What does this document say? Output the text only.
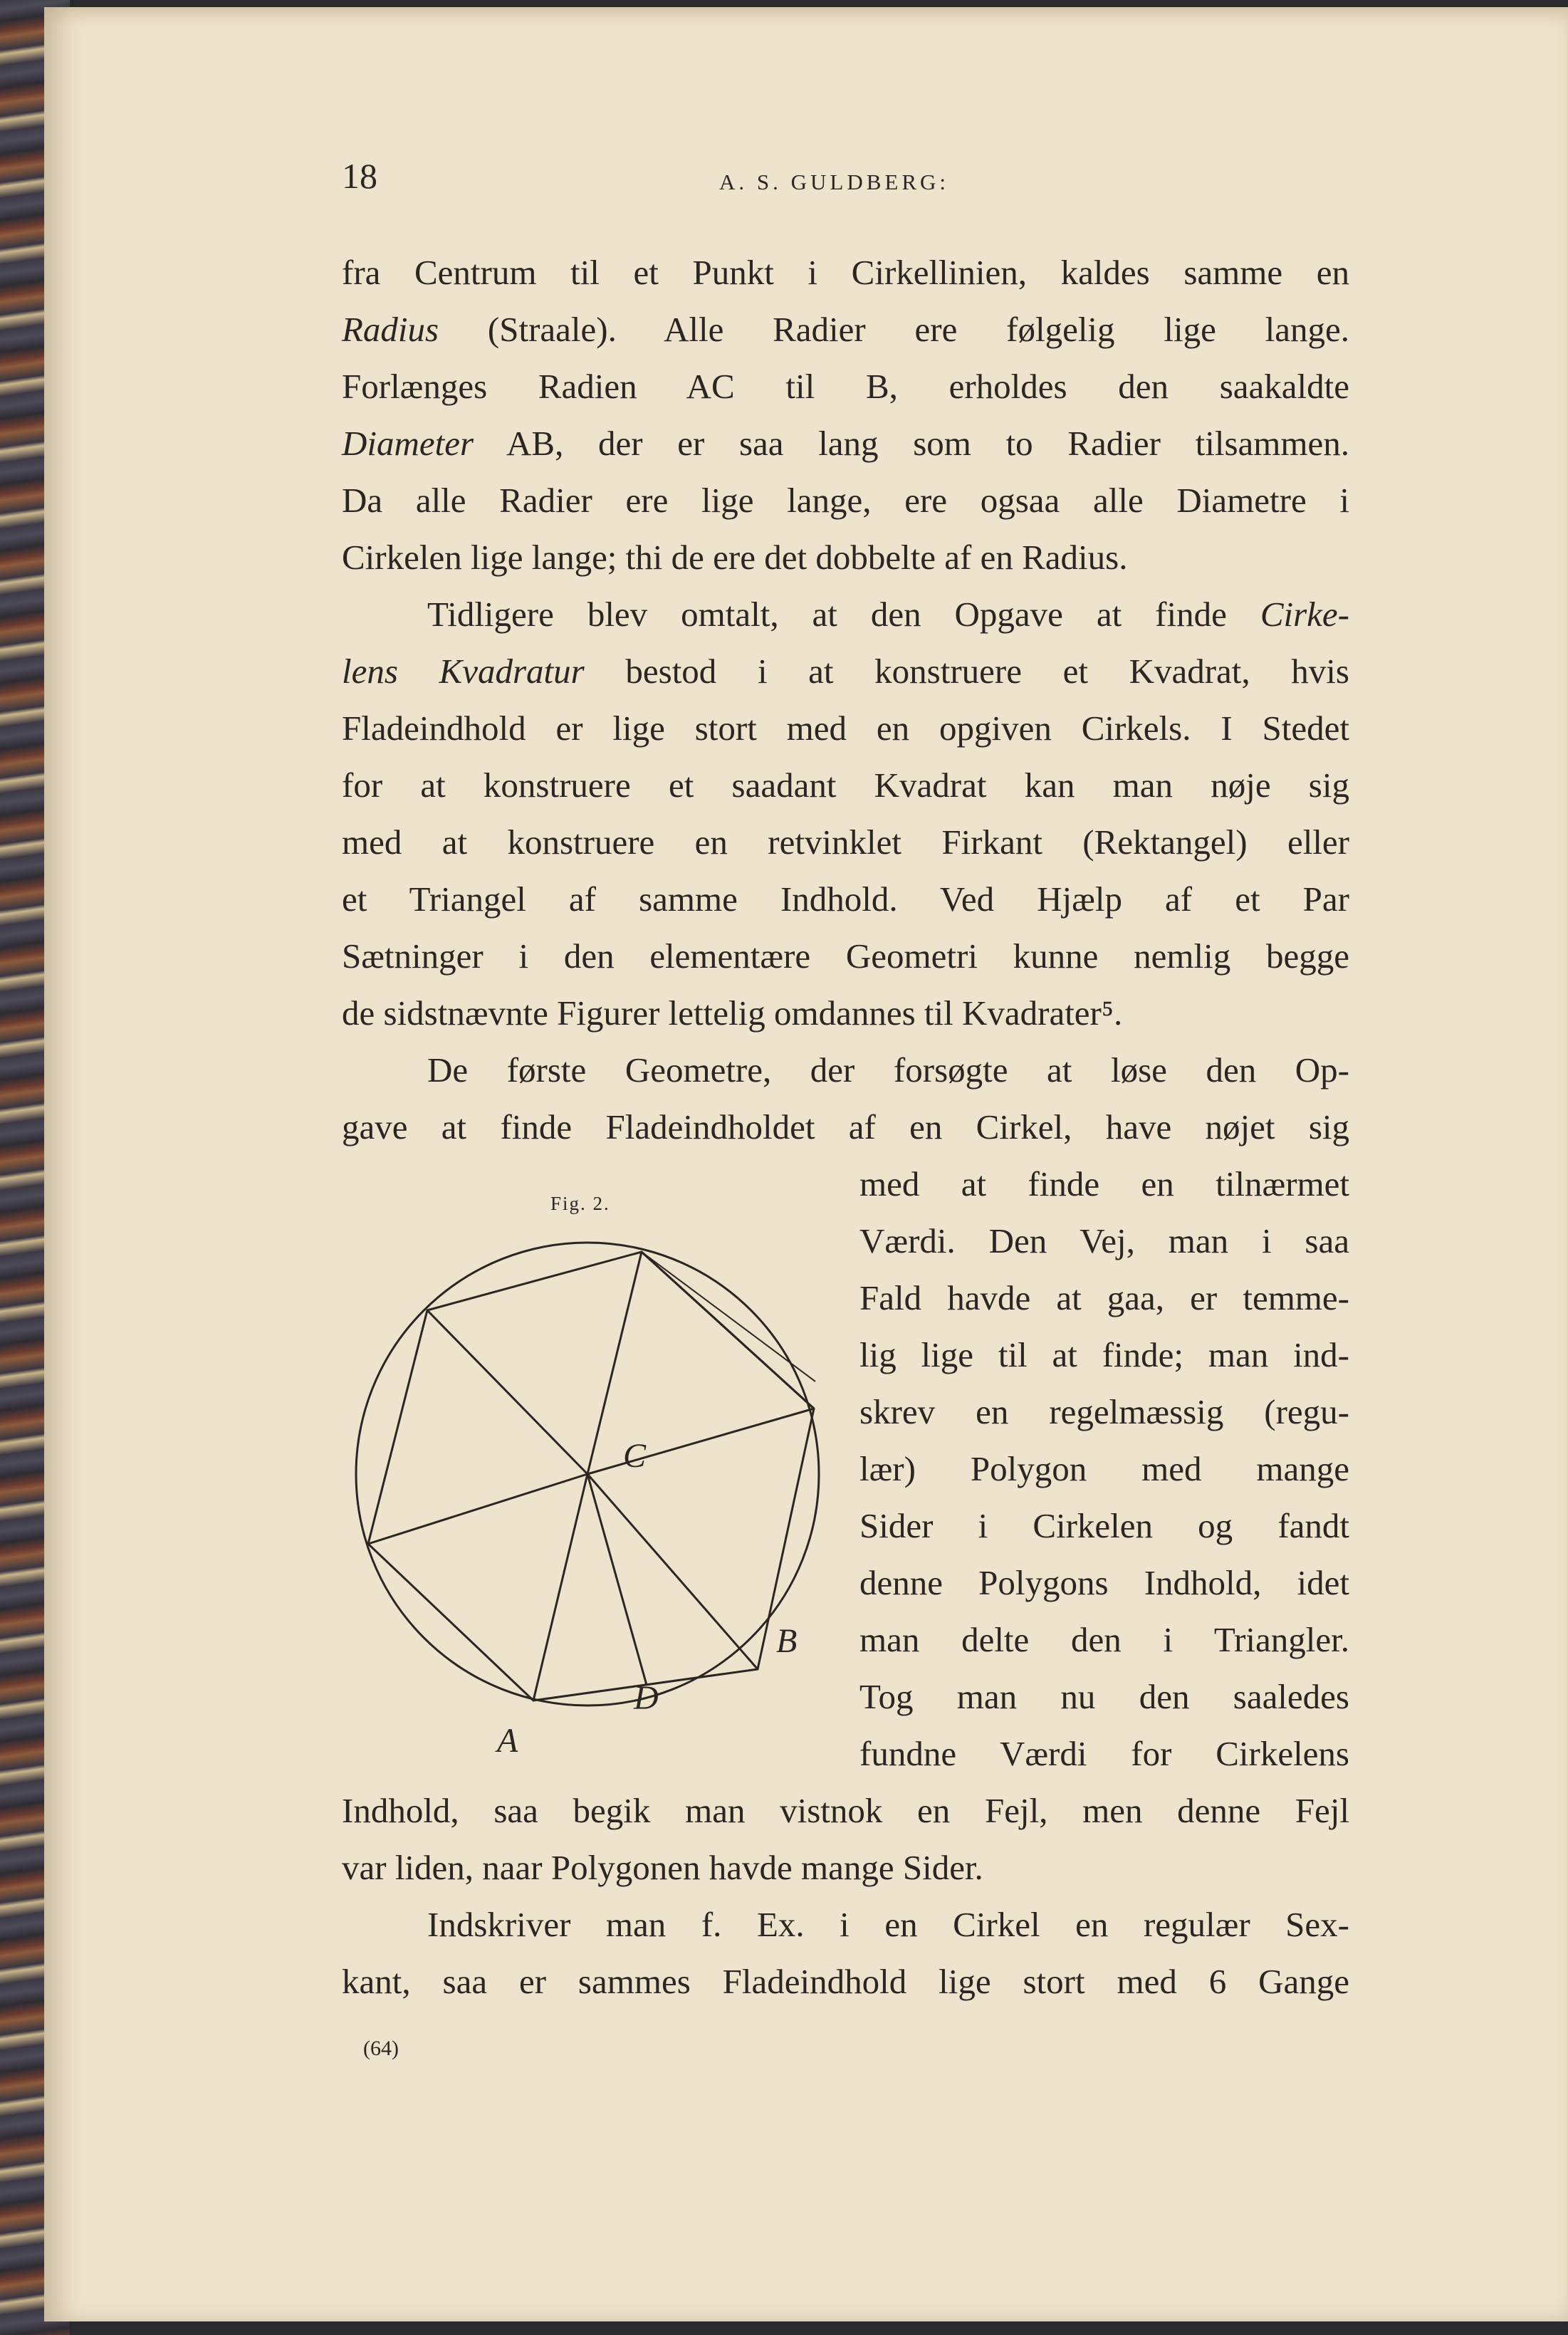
18	A. S. GULDBERG:
fra Centrum til et Punkt i Cirkellinien, kaldes samme en
Radius (Straale). Alle Radier ere følgelig lige lange.
Forlænges Radien AC til B, erholdes den saakaldte
Diameter AB, der er saa lang som to Radier tilsammen.
Da alle Radier ere lige lange, ere ogsaa alle Diametre i
Cirkelen lige lange; thi de ere det dobbelte af en Radius.
Tidligere blev omtalt, at den Opgave at finde Cirke-
lens Kvadratur bestod i at konstruere et Kvadrat, hvis
Fladeindhold er lige stort med en opgiven Cirkels. I Stedet
for at konstruere et saadant Kvadrat kan man nøje sig
med at konstruere en retvinklet Firkant (Rektangel) eller
et Triangel af samme Indhold. Ved Hjælp af et Par
Sætninger i den elementære Geometri kunne nemlig begge
de sidstnævnte Figurer lettelig omdannes til Kvadrater⁵.
De første Geometre, der forsøgte at løse den Op-
gave at finde Fladeindholdet af en Cirkel, have nøjet sig
med at finde en tilnærmet
Værdi. Den Vej, man i saa
Fald havde at gaa, er temme-
lig lige til at finde; man ind-
skrev en regelmæssig (regu-
lær) Polygon med mange
Sider i Cirkelen og fandt
denne Polygons Indhold, idet
man delte den i Triangler.
Tog man nu den saaledes
fundne Værdi for Cirkelens
Indhold, saa begik man vistnok en Fejl, men denne Fejl
var liden, naar Polygonen havde mange Sider.
Indskriver man f. Ex. i en Cirkel en regulær Sex-
kant, saa er sammes Fladeindhold lige stort med 6 Gange
Fig. 2.
C
B
D
A
(64)
